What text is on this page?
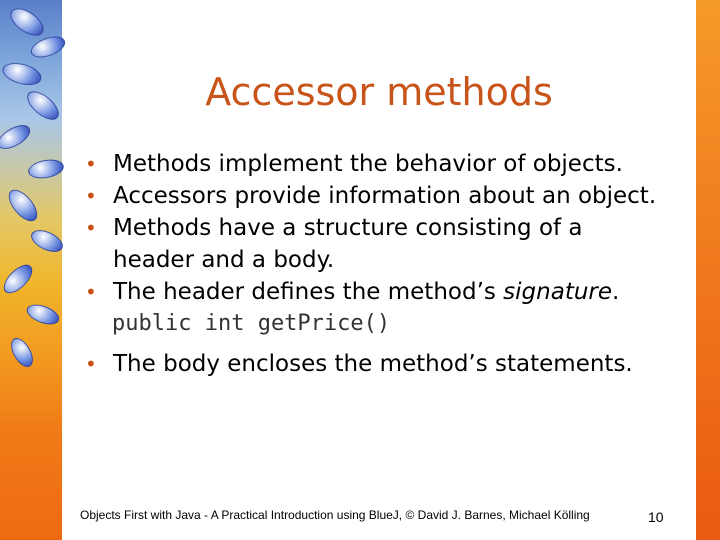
Accessor methods
• Methods implement the behavior of objects.
• Accessors provide information about an object.
• Methods have a structure consisting of a
header and a body.
• The header defines the method’s signature.
public int getPrice()
• The body encloses the method’s statements.
Objects First with Java - A Practical Introduction using BlueJ, © David J. Barnes, Michael Kölling	10
